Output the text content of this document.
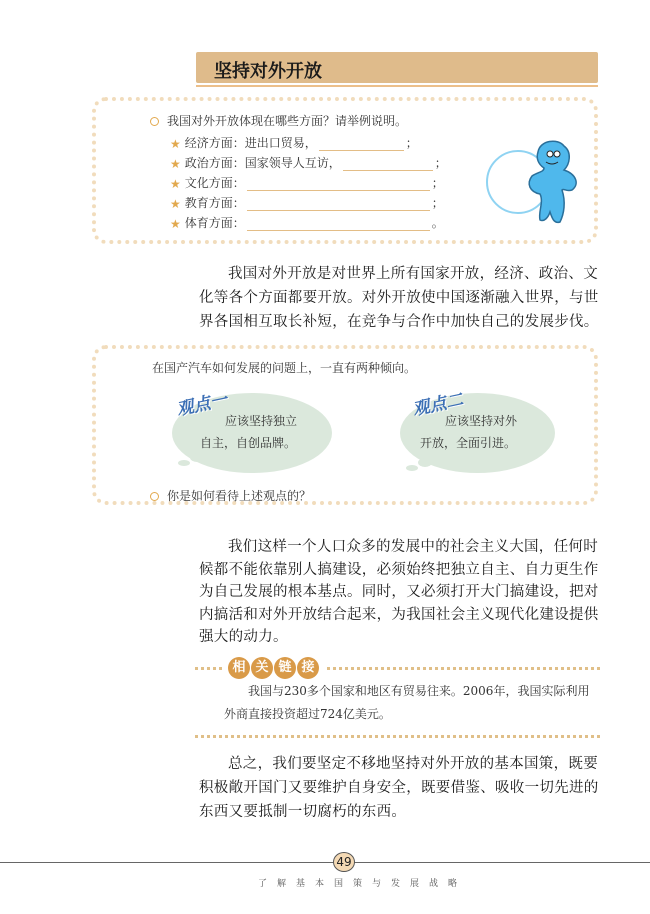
坚持对外开放
我国对外开放体现在哪些方面？请举例说明。
★ 经济方面：进出口贸易，	；
★ 政治方面：国家领导人互访，	；
★ 文化方面：	；
★ 教育方面：	；
★ 体育方面：	。
我国对外开放是对世界上所有国家开放，经济、政治、文化等各个方面都要开放。对外开放使中国逐渐融入世界，与世界各国相互取长补短，在竞争与合作中加快自己的发展步伐。
在国产汽车如何发展的问题上，一直有两种倾向。
观点一
应该坚持独立
自主，自创品牌。
观点二
应该坚持对外
开放，全面引进。
你是如何看待上述观点的？
我们这样一个人口众多的发展中的社会主义大国，任何时候都不能依靠别人搞建设，必须始终把独立自主、自力更生作为自己发展的根本基点。同时，又必须打开大门搞建设，把对内搞活和对外开放结合起来，为我国社会主义现代化建设提供强大的动力。
相 关 链 接
我国与230多个国家和地区有贸易往来。2006年，我国实际利用外商直接投资超过724亿美元。
总之，我们要坚定不移地坚持对外开放的基本国策，既要积极敞开国门又要维护自身安全，既要借鉴、吸收一切先进的东西又要抵制一切腐朽的东西。
49
了解基本国策与发展战略
